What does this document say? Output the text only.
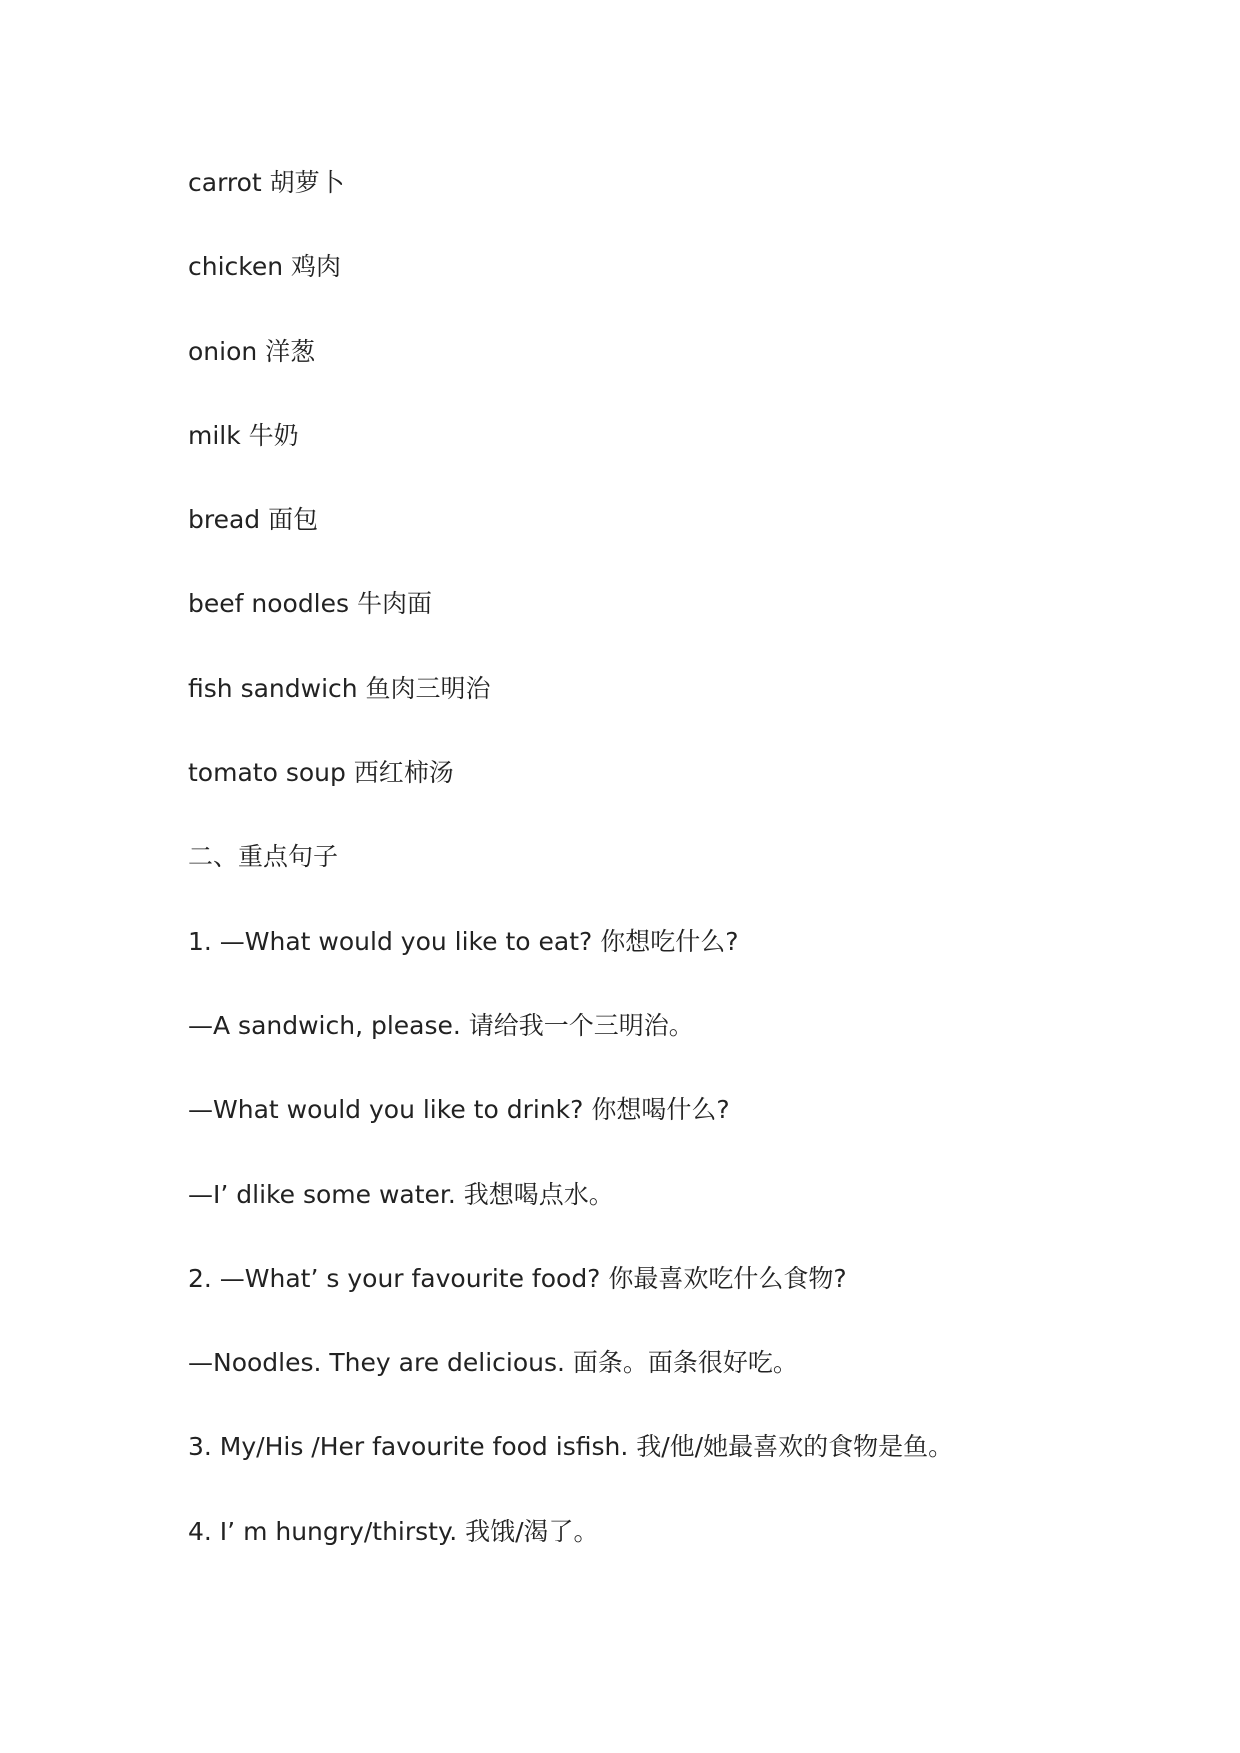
carrot 胡萝卜
chicken 鸡肉
onion 洋葱
milk 牛奶
bread 面包
beef noodles 牛肉面
fish sandwich 鱼肉三明治
tomato soup 西红柿汤
二、重点句子
1. —What would you like to eat? 你想吃什么?
—A sandwich, please. 请给我一个三明治。
—What would you like to drink? 你想喝什么?
—I’ dlike some water. 我想喝点水。
2. —What’ s your favourite food? 你最喜欢吃什么食物?
—Noodles. They are delicious. 面条。面条很好吃。
3. My/His /Her favourite food isfish. 我/他/她最喜欢的食物是鱼。
4. I’ m hungry/thirsty. 我饿/渴了。
